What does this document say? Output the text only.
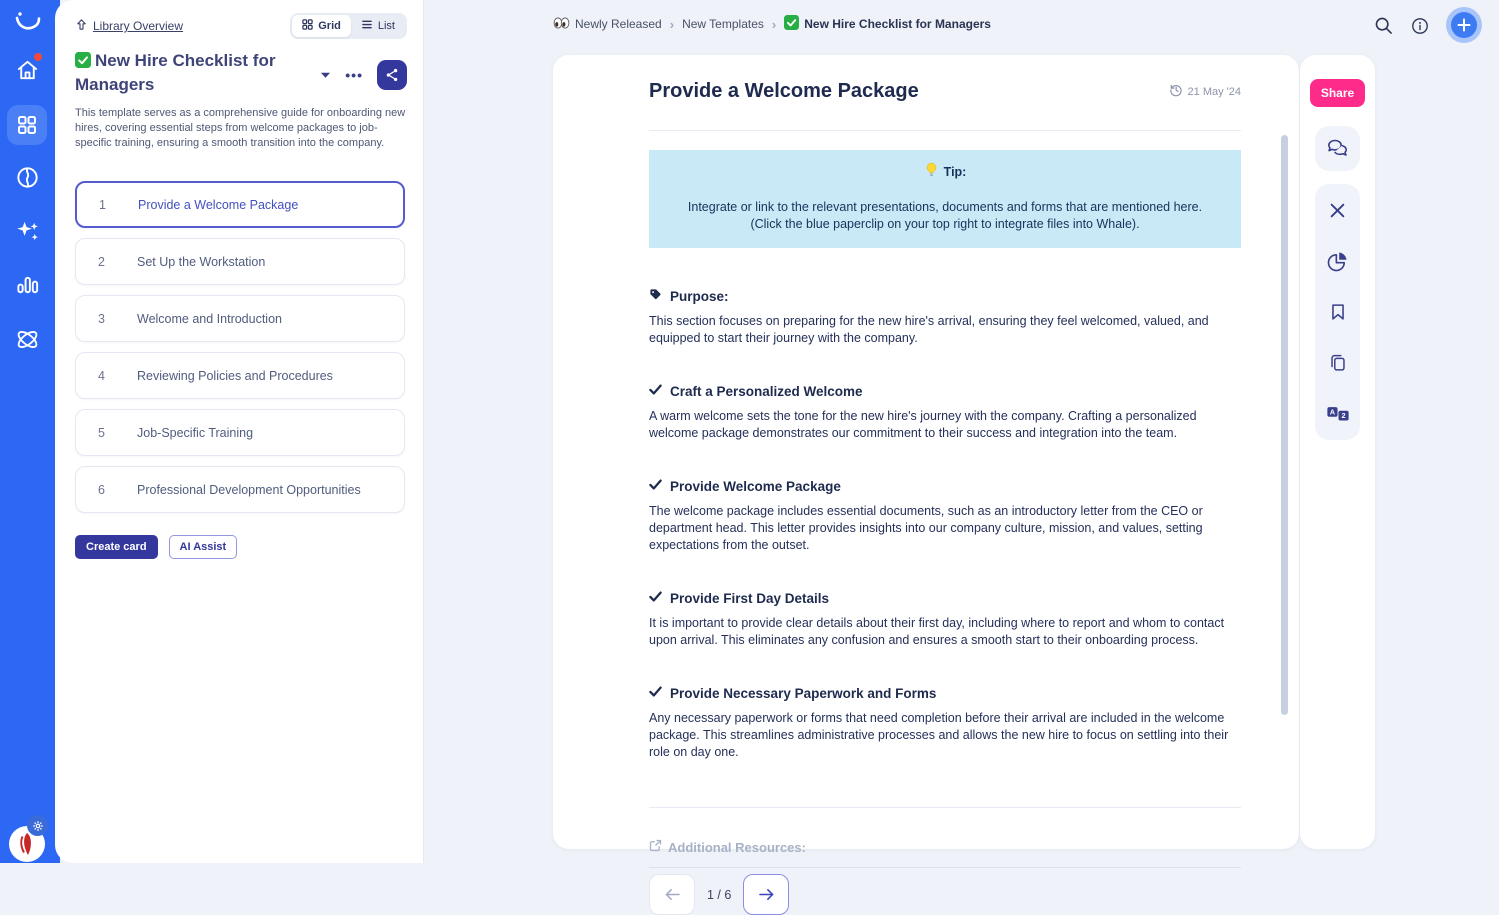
Library Overview	Grid	List
New Hire Checklist for Managers
•••
This template serves as a comprehensive guide for onboarding new hires, covering essential steps from welcome packages to job-specific training, ensuring a smooth transition into the company.
1	Provide a Welcome Package
2	Set Up the Workstation
3	Welcome and Introduction
4	Reviewing Policies and Procedures
5	Job-Specific Training
6	Professional Development Opportunities
Create card	AI Assist
Newly Released › New Templates › New Hire Checklist for Managers
Provide a Welcome Package	21 May '24
Tip:
Integrate or link to the relevant presentations, documents and forms that are mentioned here.
(Click the blue paperclip on your top right to integrate files into Whale).
Purpose:
This section focuses on preparing for the new hire's arrival, ensuring they feel welcomed, valued, and equipped to start their journey with the company.
Craft a Personalized Welcome
A warm welcome sets the tone for the new hire's journey with the company. Crafting a personalized welcome package demonstrates our commitment to their success and integration into the team.
Provide Welcome Package
The welcome package includes essential documents, such as an introductory letter from the CEO or department head. This letter provides insights into our company culture, mission, and values, setting expectations from the outset.
Provide First Day Details
It is important to provide clear details about their first day, including where to report and whom to contact upon arrival. This eliminates any confusion and ensures a smooth start to their onboarding process.
Provide Necessary Paperwork and Forms
Any necessary paperwork or forms that need completion before their arrival are included in the welcome package. This streamlines administrative processes and allows the new hire to focus on settling into their role on day one.
Additional Resources:
1 / 6
Share
A 2
